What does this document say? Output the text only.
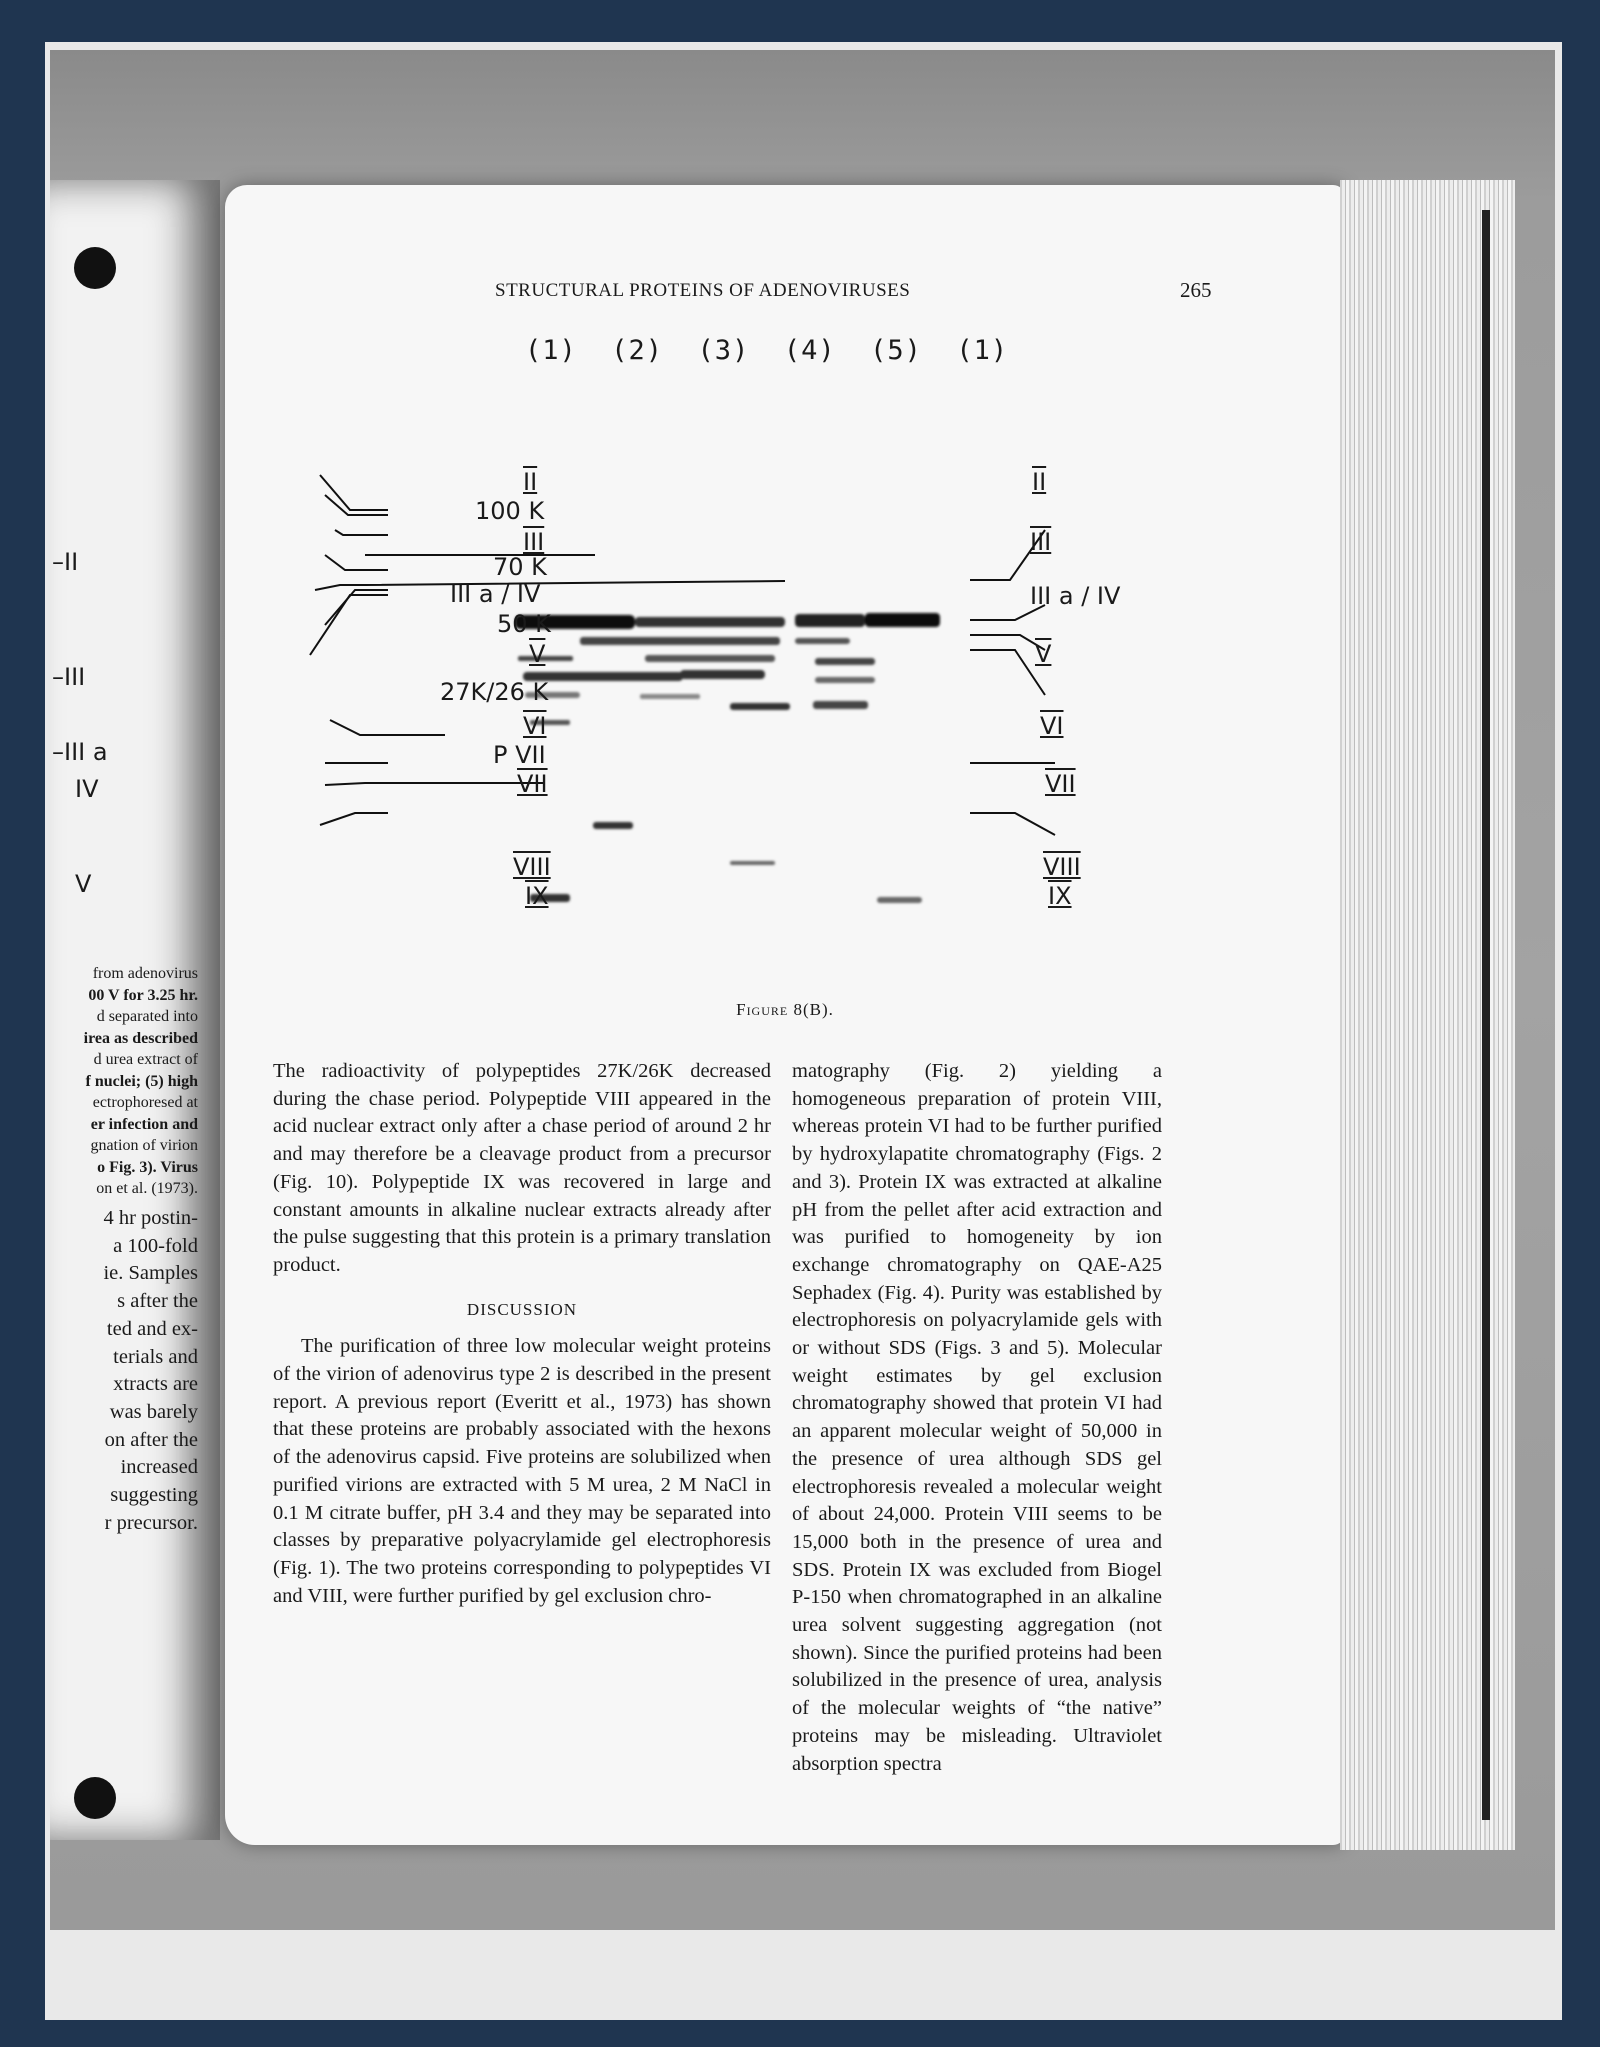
–II
–III
–III a
IV
V
from adenovirus
00 V for 3.25 hr.
d separated into
irea as described
d urea extract of
f nuclei; (5) high
ectrophoresed at
er infection and
gnation of virion
o Fig. 3). Virus
on et al. (1973).
4 hr postin-
a 100-fold
ie. Samples
s after the
ted and ex-
terials and
xtracts are
was barely
on after the
increased
suggesting
r precursor.
STRUCTURAL PROTEINS OF ADENOVIRUSES	265
(1)  (2)  (3)  (4)  (5)  (1)
II
100 K
III
70 K
III a / IV
50 K
V
27K/26 K
VI
P VII
VII
VIII
IX
II
III
III a / IV
V
VI
VII
VIII
IX
Figure 8(B).

The radioactivity of polypeptides 27K/26K decreased during the chase period. Polypeptide VIII appeared in the acid nuclear extract only after a chase period of around 2 hr and may therefore be a cleavage product from a precursor (Fig. 10). Polypeptide IX was recovered in large and constant amounts in alkaline nuclear extracts already after the pulse suggesting that this protein is a primary translation product.

DISCUSSION

The purification of three low molecular weight proteins of the virion of adenovirus type 2 is described in the present report. A previous report (Everitt et al., 1973) has shown that these proteins are probably associated with the hexons of the adenovirus capsid. Five proteins are solubilized when purified virions are extracted with 5 M urea, 2 M NaCl in 0.1 M citrate buffer, pH 3.4 and they may be separated into classes by preparative polyacrylamide gel electrophoresis (Fig. 1). The two proteins corresponding to polypeptides VI and VIII, were further purified by gel exclusion chro-

matography (Fig. 2) yielding a homogeneous preparation of protein VIII, whereas protein VI had to be further purified by hydroxylapatite chromatography (Figs. 2 and 3). Protein IX was extracted at alkaline pH from the pellet after acid extraction and was purified to homogeneity by ion exchange chromatography on QAE-A25 Sephadex (Fig. 4). Purity was established by electrophoresis on polyacrylamide gels with or without SDS (Figs. 3 and 5). Molecular weight estimates by gel exclusion chromatography showed that protein VI had an apparent molecular weight of 50,000 in the presence of urea although SDS gel electrophoresis revealed a molecular weight of about 24,000. Protein VIII seems to be 15,000 both in the presence of urea and SDS. Protein IX was excluded from Biogel P-150 when chromatographed in an alkaline urea solvent suggesting aggregation (not shown). Since the purified proteins had been solubilized in the presence of urea, analysis of the molecular weights of “the native” proteins may be misleading. Ultraviolet absorption spectra
